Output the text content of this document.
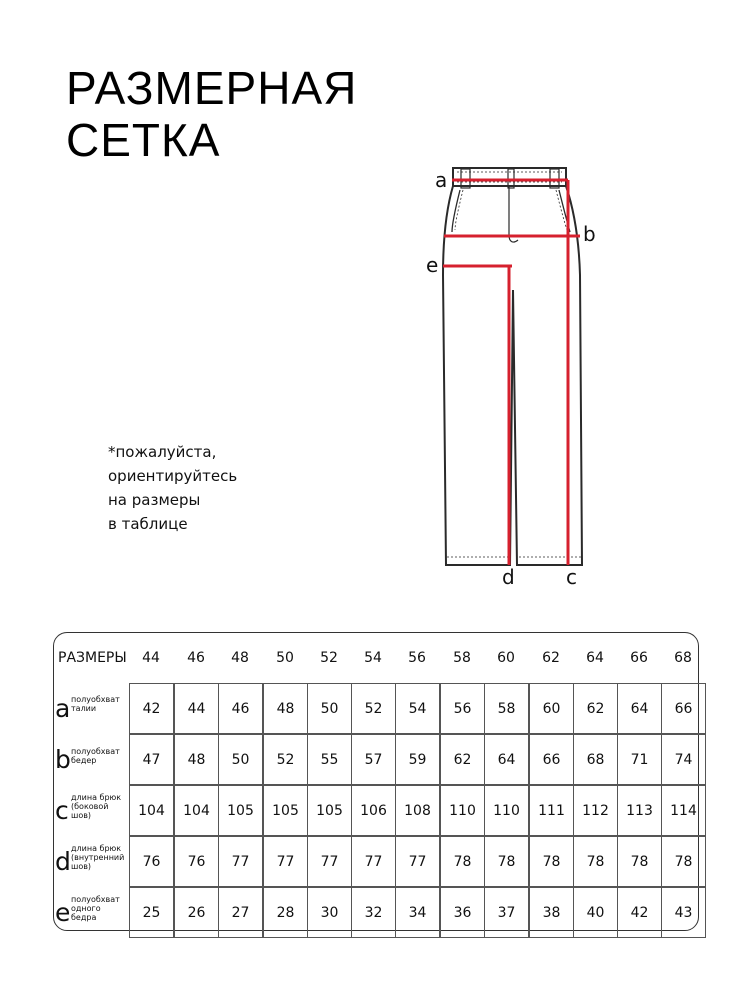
РАЗМЕРНАЯ
СЕТКА
*пожалуйста,
ориентируйтесь
на размеры
в таблице
a
b
e
d	c
РАЗМЕРЫ	44	46	48	50	52	54	56	58	60	62	64	66	68
a полуобхват
талии	42	44	46	48	50	52	54	56	58	60	62	64	66
b полуобхват
бедер	47	48	50	52	55	57	59	62	64	66	68	71	74
c длина брюк
(боковой
шов)	104	104	105	105	105	106	108	110	110	111	112	113	114
d длина брюк
(внутренний
шов)	76	76	77	77	77	77	77	78	78	78	78	78	78
e полуобхват
одного
бедра	25	26	27	28	30	32	34	36	37	38	40	42	43
